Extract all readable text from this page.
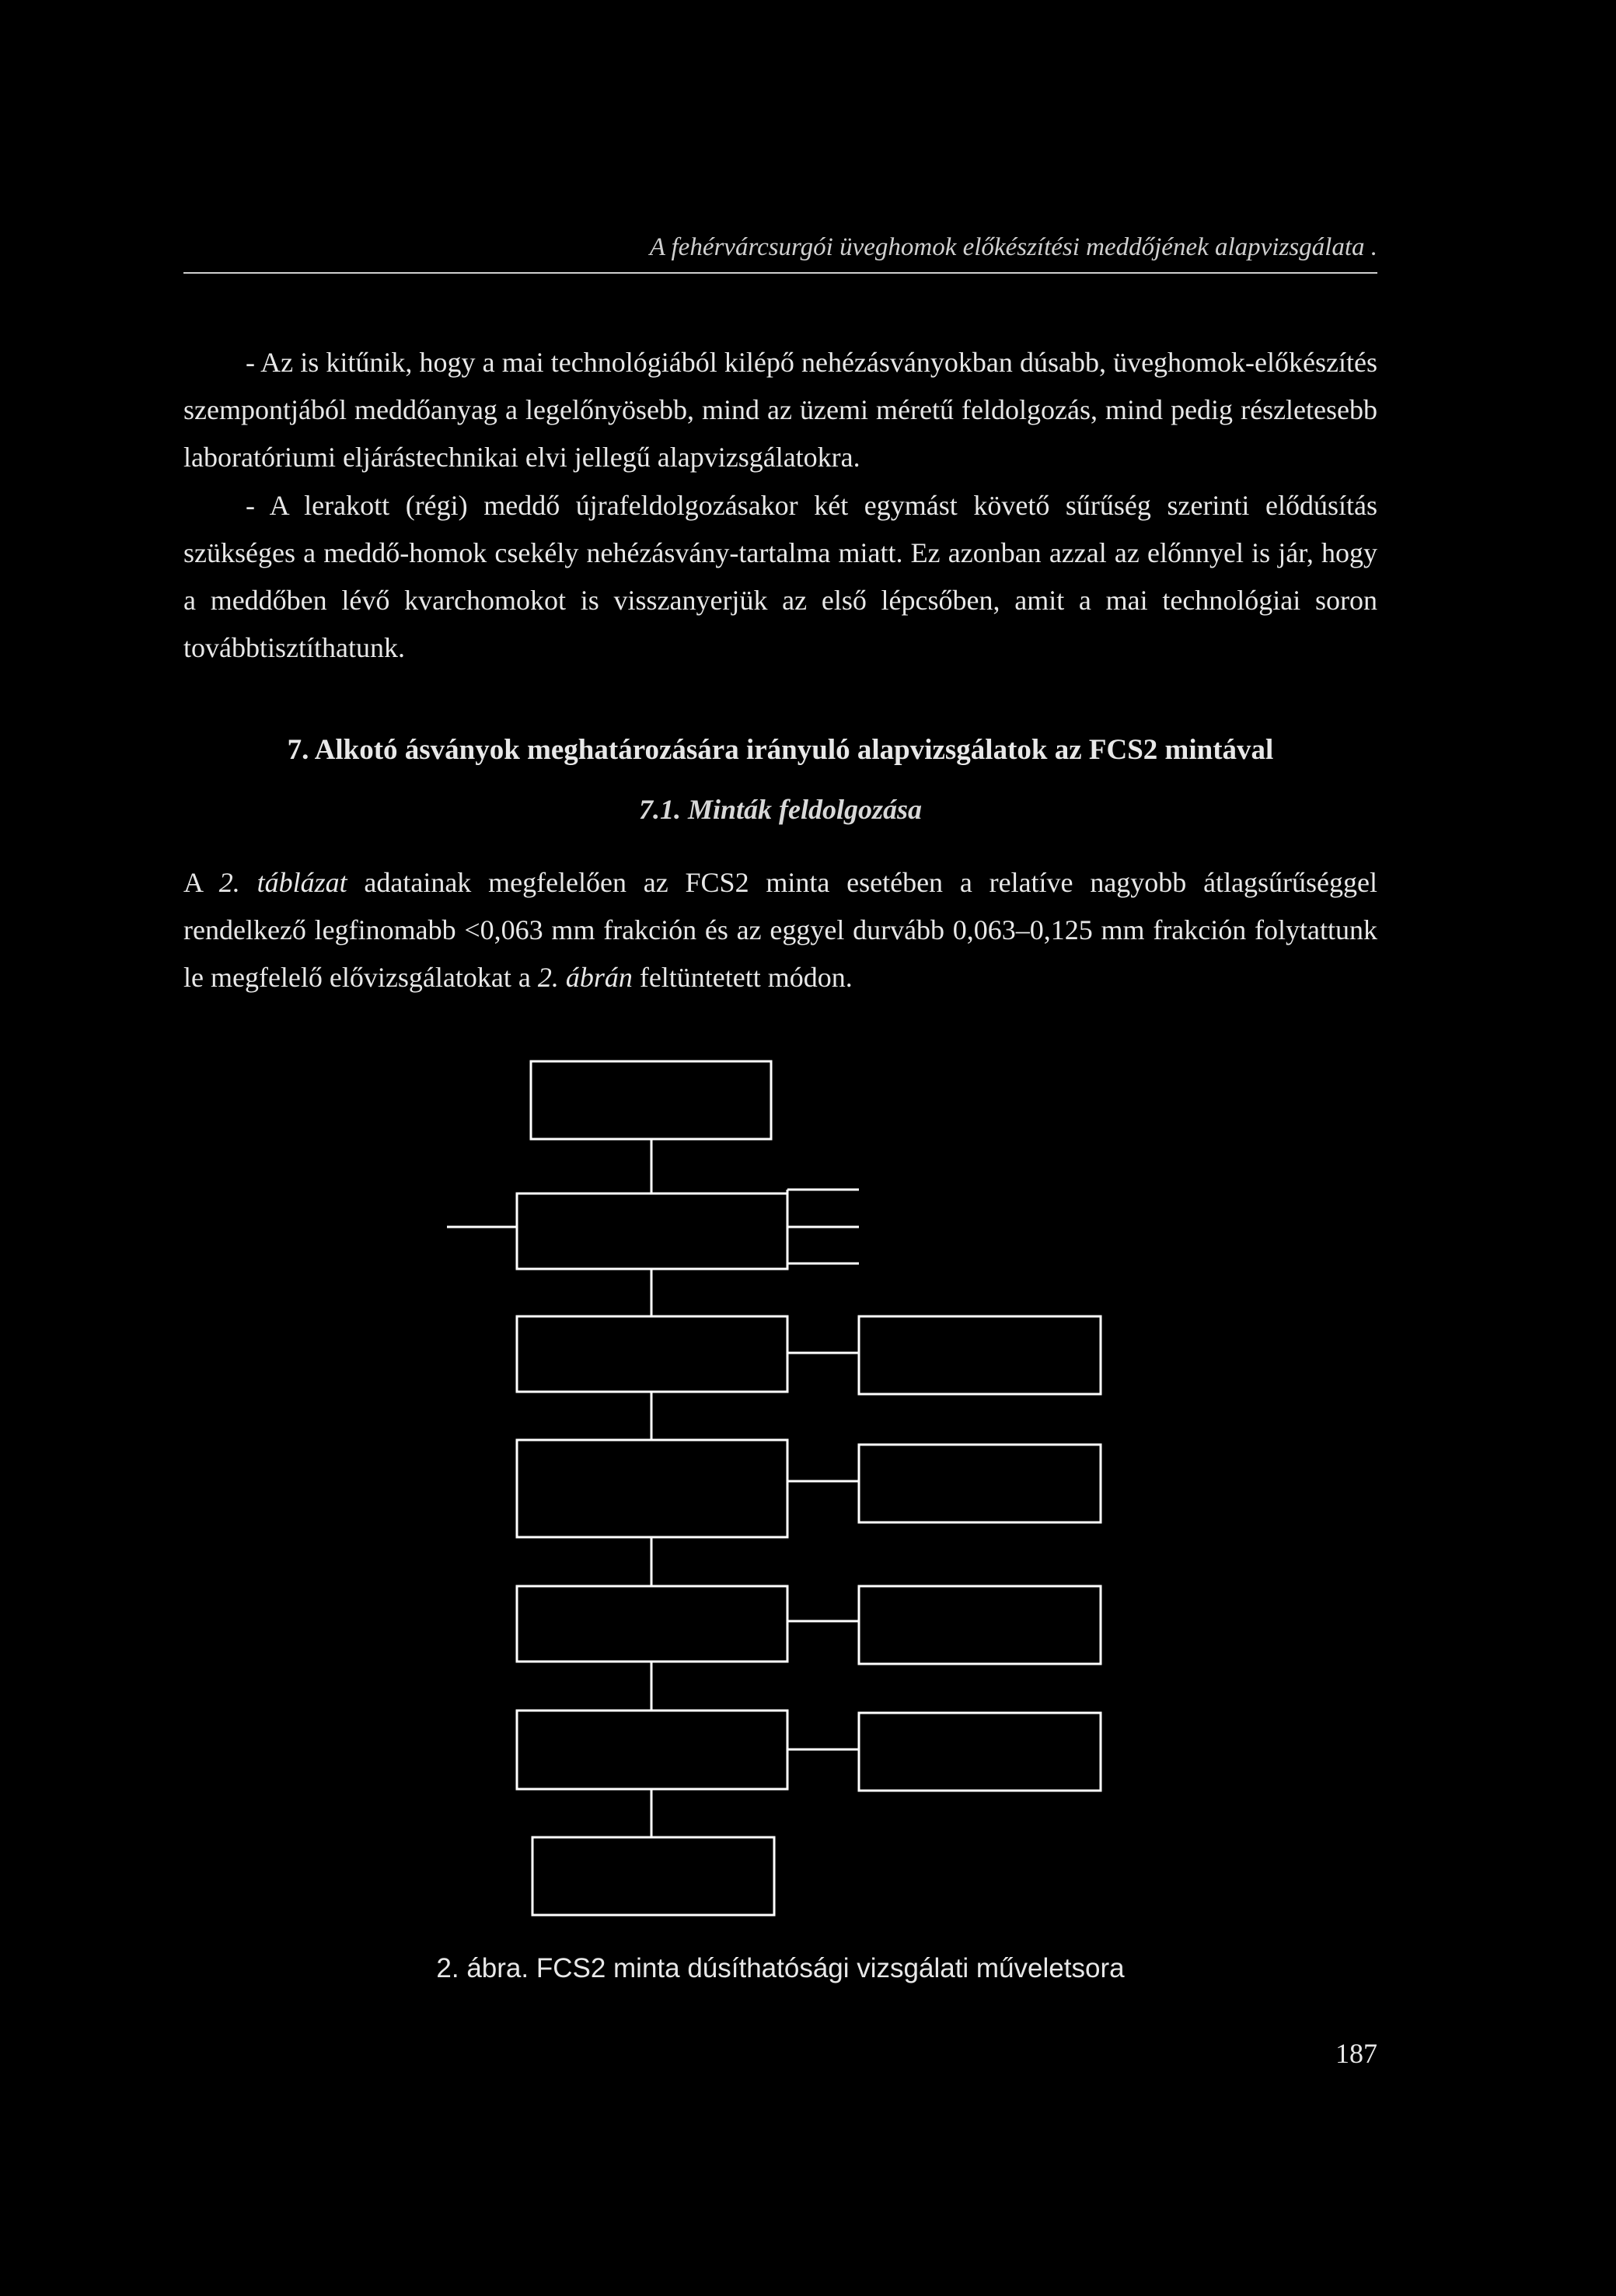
A fehérvárcsurgói üveghomok előkészítési meddőjének alapvizsgálata .

- Az is kitűnik, hogy a mai technológiából kilépő nehézásványokban dúsabb, üveghomok-előkészítés szempontjából meddőanyag a legelőnyösebb, mind az üzemi méretű feldolgozás, mind pedig részletesebb laboratóriumi eljárástechnikai elvi jellegű alapvizsgálatokra.

- A lerakott (régi) meddő újrafeldolgozásakor két egymást követő sűrűség szerinti elődúsítás szükséges a meddő-homok csekély nehézásvány-tartalma miatt. Ez azonban azzal az előnnyel is jár, hogy a meddőben lévő kvarchomokot is visszanyerjük az első lépcsőben, amit a mai technológiai soron továbbtisztíthatunk.

7. Alkotó ásványok meghatározására irányuló alapvizsgálatok az FCS2 mintával
7.1. Minták feldolgozása

A 2. táblázat adatainak megfelelően az FCS2 minta esetében a relatíve nagyobb átlagsűrűséggel rendelkező legfinomabb <0,063 mm frakción és az eggyel durvább 0,063–0,125 mm frakción folytattunk le megfelelő elővizsgálatokat a 2. ábrán feltüntetett módon.

2. ábra. FCS2 minta dúsíthatósági vizsgálati műveletsora

187
